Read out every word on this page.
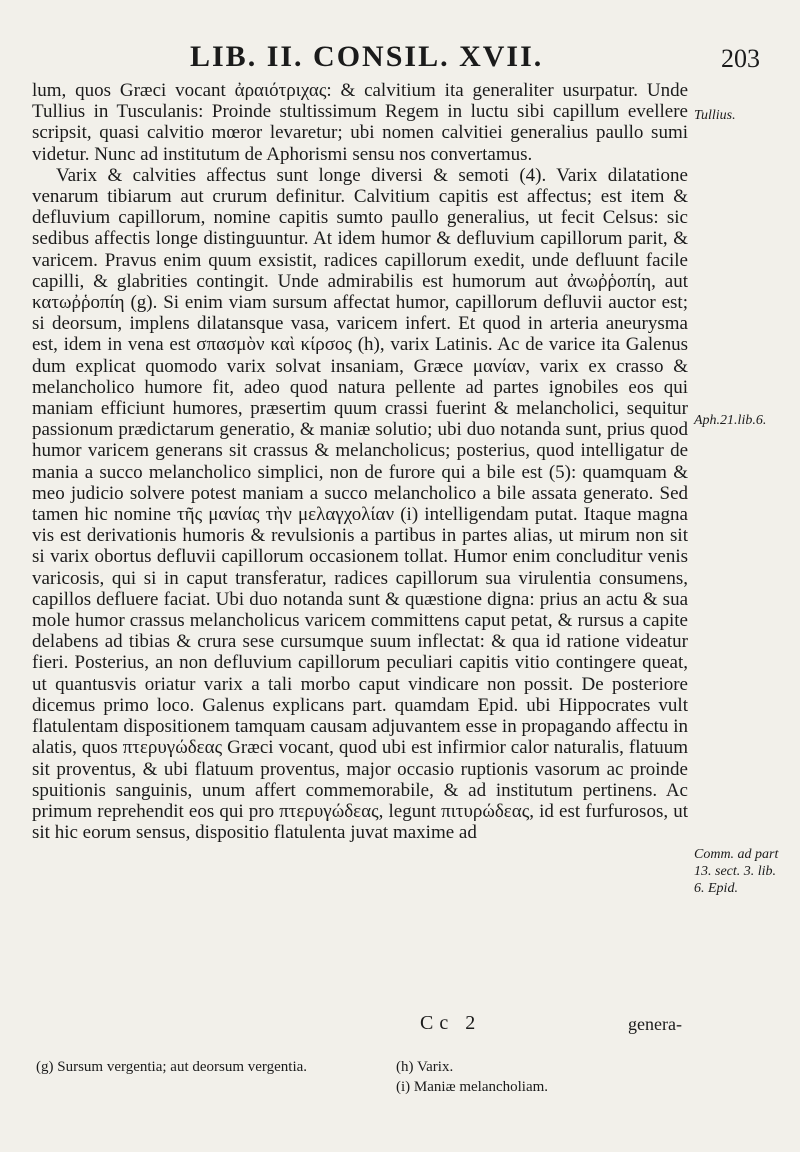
LIB. II. CONSIL. XVII.	203

lum, quos Græci vocant ἀραιότριχας: & calvitium ita generaliter usurpatur. Unde Tullius in Tusculanis: Proinde stultissimum Regem in luctu sibi capillum evellere scripsit, quasi calvitio mœror levaretur; ubi nomen calvitiei generalius paullo sumi videtur. Nunc ad institutum de Aphorismi sensu nos convertamus.

Varix & calvities affectus sunt longe diversi & semoti (4). Varix dilatatione venarum tibiarum aut crurum definitur. Calvitium capitis est affectus; est item & defluvium capillorum, nomine capitis sumto paullo generalius, ut fecit Celsus: sic sedibus affectis longe distinguuntur. At idem humor & defluvium capillorum parit, & varicem. Pravus enim quum exsistit, radices capillorum exedit, unde defluunt facile capilli, & glabrities contingit. Unde admirabilis est humorum aut ἀνωῤῥοπίη, aut κατωῤῥοπίη (g). Si enim viam sursum affectat humor, capillorum defluvii auctor est; si deorsum, implens dilatansque vasa, varicem infert. Et quod in arteria aneurysma est, idem in vena est σπασμὸν καὶ κίρσος (h), varix Latinis. Ac de varice ita Galenus dum explicat quomodo varix solvat insaniam, Græce μανίαν, varix ex crasso & melancholico humore fit, adeo quod natura pellente ad partes ignobiles eos qui maniam efficiunt humores, præsertim quum crassi fuerint & melancholici, sequitur passionum prædictarum generatio, & maniæ solutio; ubi duo notanda sunt, prius quod humor varicem generans sit crassus & melancholicus; posterius, quod intelligatur de mania a succo melancholico simplici, non de furore qui a bile est (5): quamquam & meo judicio solvere potest maniam a succo melancholico a bile assata generato. Sed tamen hic nomine τῆς μανίας τὴν μελαγχολίαν (i) intelligendam putat. Itaque magna vis est derivationis humoris & revulsionis a partibus in partes alias, ut mirum non sit si varix obortus defluvii capillorum occasionem tollat. Humor enim concluditur venis varicosis, qui si in caput transferatur, radices capillorum sua virulentia consumens, capillos defluere faciat. Ubi duo notanda sunt & quæstione digna: prius an actu & sua mole humor crassus melancholicus varicem committens caput petat, & rursus a capite delabens ad tibias & crura sese cursumque suum inflectat: & qua id ratione videatur fieri. Posterius, an non defluvium capillorum peculiari capitis vitio contingere queat, ut quantusvis oriatur varix a tali morbo caput vindicare non possit. De posteriore dicemus primo loco. Galenus explicans part. quamdam Epid. ubi Hippocrates vult flatulentam dispositionem tamquam causam adjuvantem esse in propagando affectu in alatis, quos πτερυγώδεας Græci vocant, quod ubi est infirmior calor naturalis, flatuum sit proventus, & ubi flatuum proventus, major occasio ruptionis vasorum ac proinde spuitionis sanguinis, unum affert commemorabile, & ad institutum pertinens. Ac primum reprehendit eos qui pro πτερυγώδεας, legunt πιτυρώδεας, id est furfurosos, ut sit hic eorum sensus, dispositio flatulenta juvat maxime ad

Tullius.
Aph.21.lib.6.
Comm. ad part 13. sect. 3. lib. 6. Epid.
Cc 2	genera-
(g) Sursum vergentia; aut deorsum vergentia.	(h) Varix.
(i) Maniæ melancholiam.
